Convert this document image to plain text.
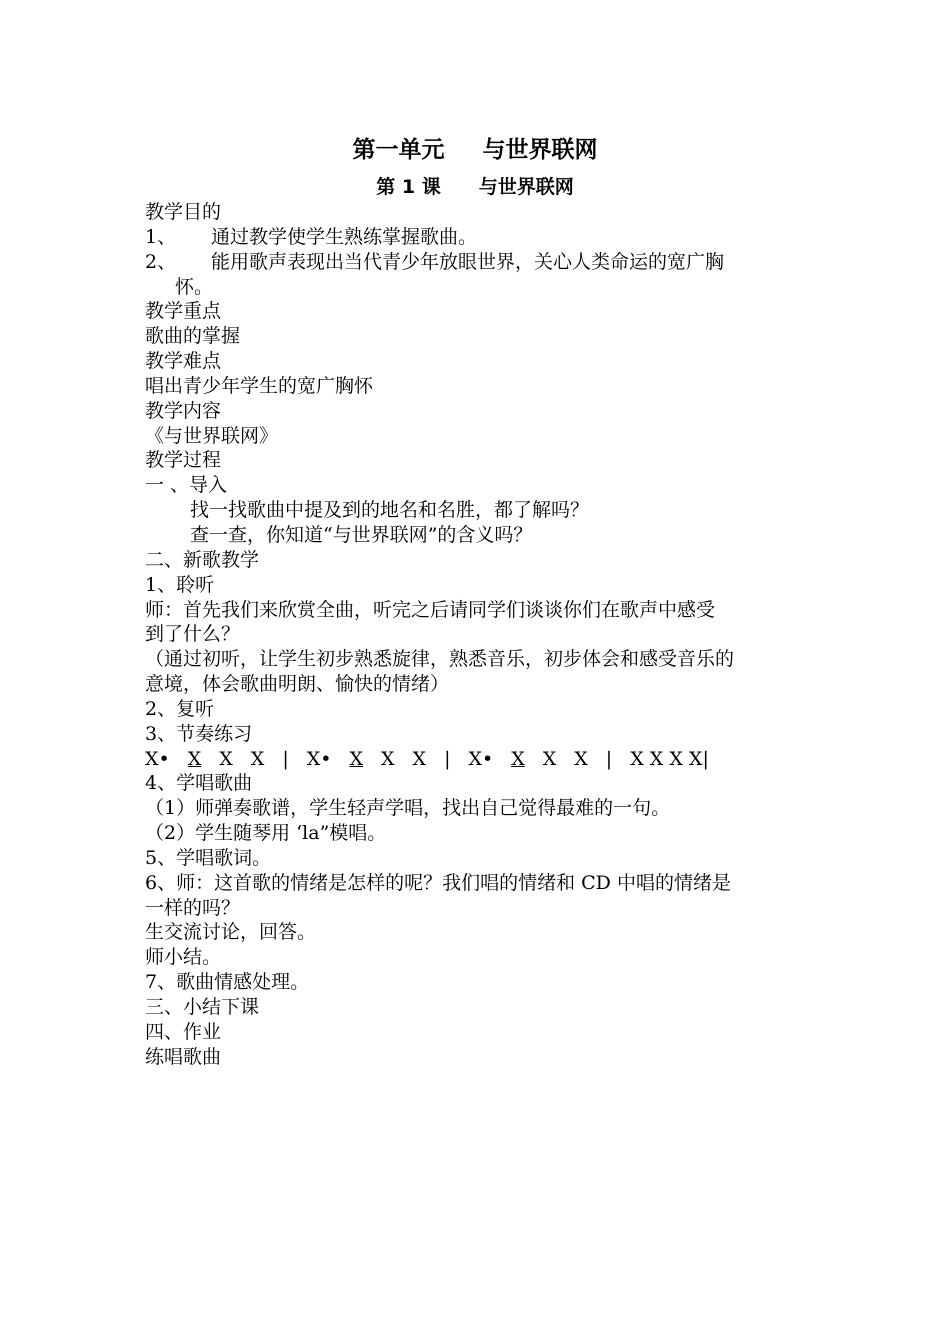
第一单元 与世界联网
第 1 课 与世界联网
教学目的
1、 通过教学使学生熟练掌握歌曲。
2、 能用歌声表现出当代青少年放眼世界，关心人类命运的宽广胸
怀。
教学重点
歌曲的掌握
教学难点
唱出青少年学生的宽广胸怀
教学内容
《与世界联网》
教学过程
一 、导入
找一找歌曲中提及到的地名和名胜，都了解吗？
查一查，你知道“与世界联网”的含义吗？
二、新歌教学
1、聆听
师：首先我们来欣赏全曲，听完之后请同学们谈谈你们在歌声中感受
到了什么？
（通过初听，让学生初步熟悉旋律，熟悉音乐，初步体会和感受音乐的
意境，体会歌曲明朗、愉快的情绪）
2、复听
3、节奏练习
X• X X X | X• X X X | X• X X X | X X X X|
4、学唱歌曲
（1）师弹奏歌谱，学生轻声学唱，找出自己觉得最难的一句。
（2）学生随琴用 ‘la”模唱。
5、学唱歌词。
6、师：这首歌的情绪是怎样的呢？我们唱的情绪和 CD 中唱的情绪是
一样的吗？
生交流讨论，回答。
师小结。
7、歌曲情感处理。
三、小结下课
四、作业
练唱歌曲
